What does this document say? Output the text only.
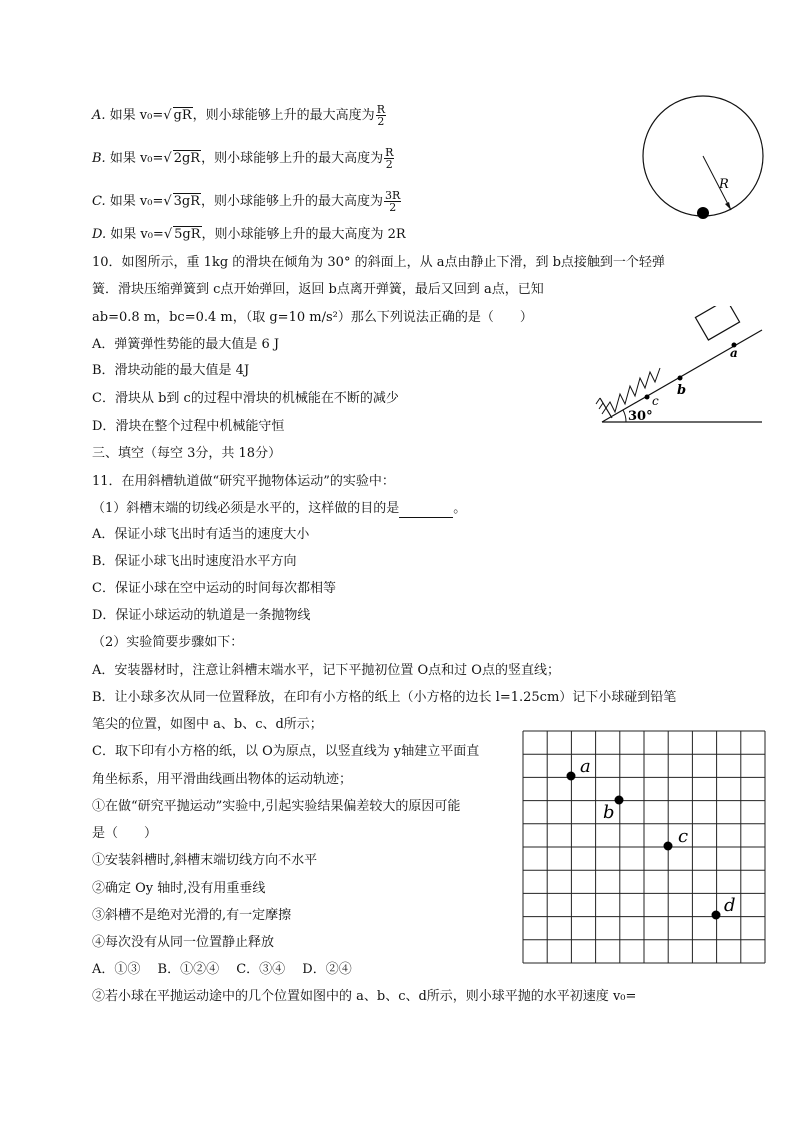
A. 如果 v₀=√ gR，则小球能够上升的最大高度为 $\frac{R}{2}$
B. 如果 v₀=√ 2gR，则小球能够上升的最大高度为 $\frac{R}{2}$
C. 如果 v₀=√ 3gR，则小球能够上升的最大高度为 $\frac{3R}{2}$
D. 如果 v₀=√ 5gR，则小球能够上升的最大高度为 2R
R
10．如图所示，重 1kg 的滑块在倾角为 30° 的斜面上，从 a点由静止下滑，到 b点接触到一个轻弹
簧．滑块压缩弹簧到 c点开始弹回，返回 b点离开弹簧，最后又回到 a点，已知
ab=0.8 m，bc=0.4 m，（取 g=10 m/s²）那么下列说法正确的是（　　）
A．弹簧弹性势能的最大值是 6 J
B．滑块动能的最大值是 4J
C．滑块从 b到 c的过程中滑块的机械能在不断的减少
D．滑块在整个过程中机械能守恒
30°
c
b
a
三、填空（每空 3分，共 18分）
11．在用斜槽轨道做“研究平抛物体运动”的实验中：
（1）斜槽末端的切线必须是水平的，这样做的目的是	。
A．保证小球飞出时有适当的速度大小
B．保证小球飞出时速度沿水平方向
C．保证小球在空中运动的时间每次都相等
D．保证小球运动的轨道是一条抛物线
（2）实验简要步骤如下：
A．安装器材时，注意让斜槽末端水平，记下平抛初位置 O点和过 O点的竖直线；
B．让小球多次从同一位置释放，在印有小方格的纸上（小方格的边长 l=1.25cm）记下小球碰到铅笔
笔尖的位置，如图中 a、b、c、d所示；
C．取下印有小方格的纸，以 O为原点，以竖直线为 y轴建立平面直
角坐标系，用平滑曲线画出物体的运动轨迹；
①在做“研究平抛运动”实验中,引起实验结果偏差较大的原因可能
是（　　）
①安装斜槽时,斜槽末端切线方向不水平
②确定 Oy 轴时,没有用重垂线
③斜槽不是绝对光滑的,有一定摩擦
④每次没有从同一位置静止释放
A．①③　 B．①②④　 C．③④　 D．②④
②若小球在平抛运动途中的几个位置如图中的 a、b、c、d所示，则小球平抛的水平初速度 v₀=
a
b
c
d
